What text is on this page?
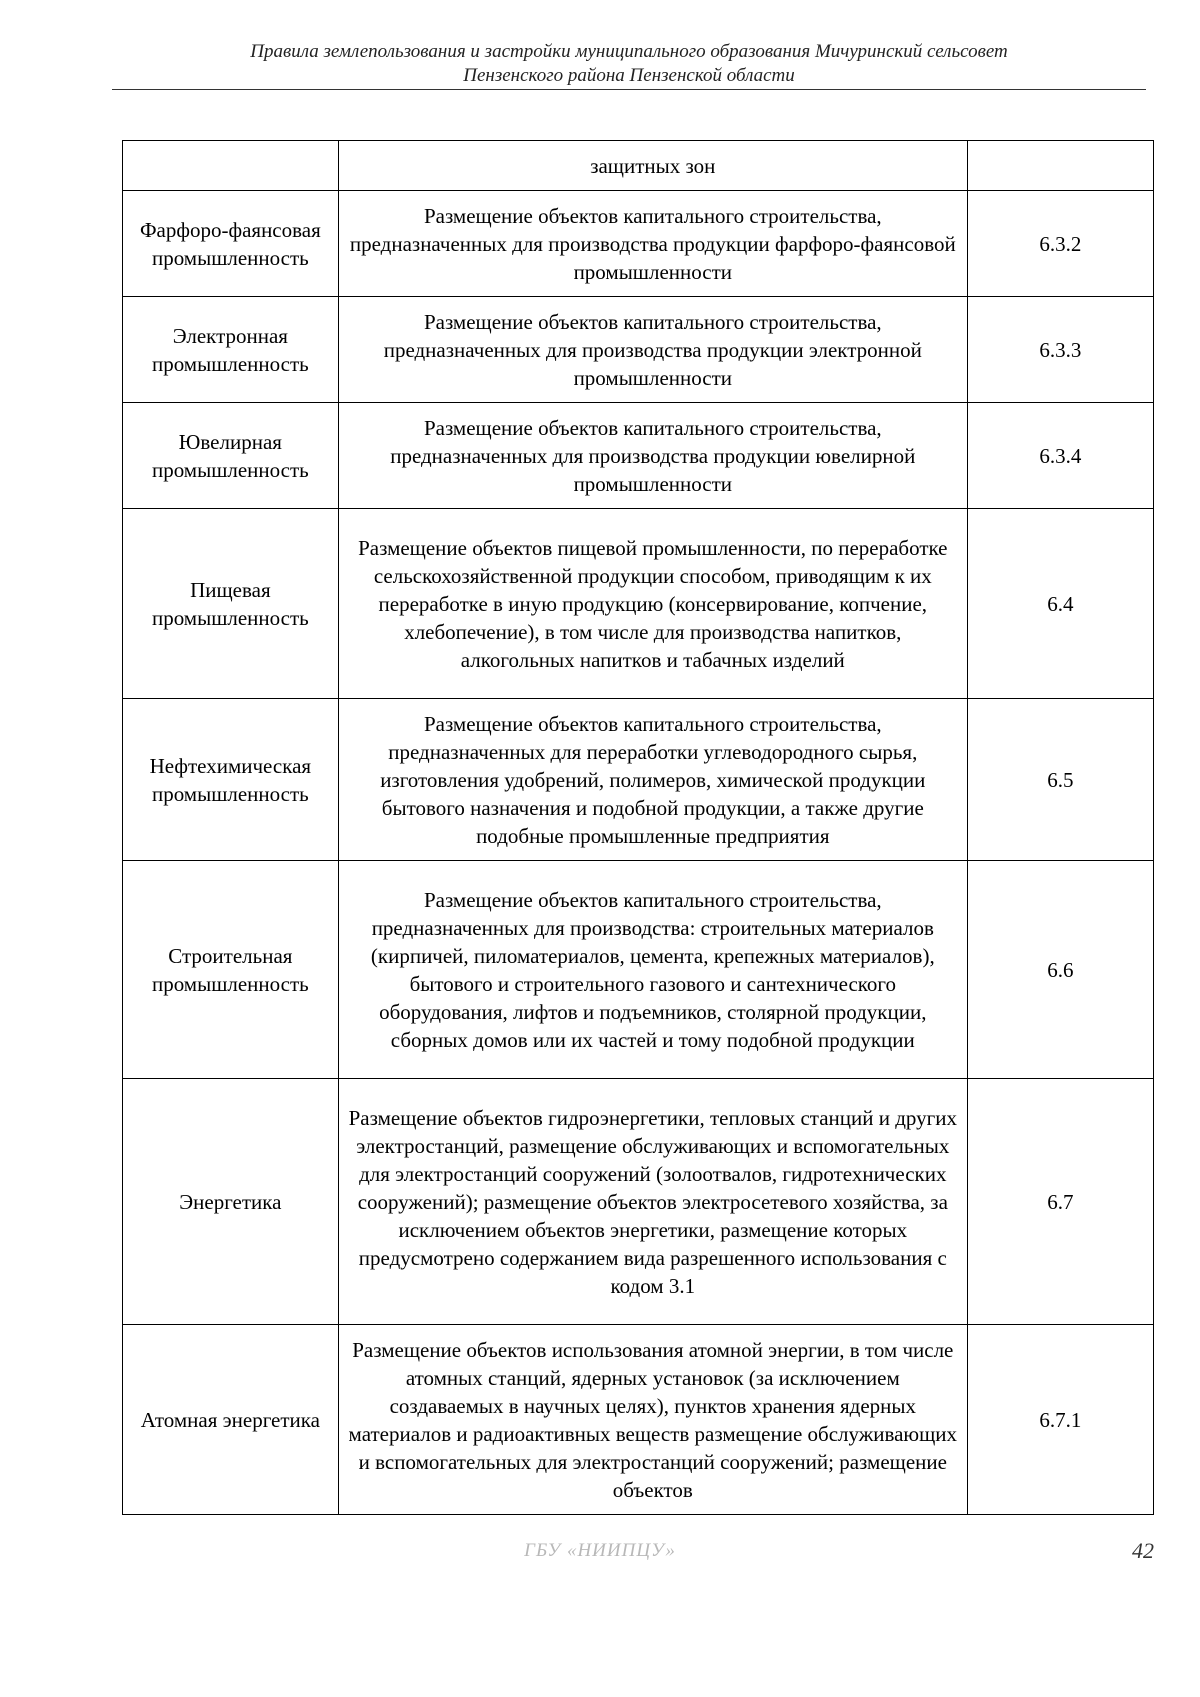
Правила землепользования и застройки муниципального образования Мичуринский сельсовет
Пензенского района Пензенской области
	защитных зон	
Фарфоро-фаянсовая промышленность	Размещение объектов капитального строительства, предназначенных для производства продукции фарфоро-фаянсовой промышленности	6.3.2
Электронная промышленность	Размещение объектов капитального строительства, предназначенных для производства продукции электронной промышленности	6.3.3
Ювелирная промышленность	Размещение объектов капитального строительства, предназначенных для производства продукции ювелирной промышленности	6.3.4
Пищевая промышленность	Размещение объектов пищевой промышленности, по переработке сельскохозяйственной продукции способом, приводящим к их переработке в иную продукцию (консервирование, копчение, хлебопечение), в том числе для производства напитков, алкогольных напитков и табачных изделий	6.4
Нефтехимическая промышленность	Размещение объектов капитального строительства, предназначенных для переработки углеводородного сырья, изготовления удобрений, полимеров, химической продукции бытового назначения и подобной продукции, а также другие подобные промышленные предприятия	6.5
Строительная промышленность	Размещение объектов капитального строительства, предназначенных для производства: строительных материалов (кирпичей, пиломатериалов, цемента, крепежных материалов), бытового и строительного газового и сантехнического оборудования, лифтов и подъемников, столярной продукции, сборных домов или их частей и тому подобной продукции	6.6
Энергетика	Размещение объектов гидроэнергетики, тепловых станций и других электростанций, размещение обслуживающих и вспомогательных для электростанций сооружений (золоотвалов, гидротехнических сооружений); размещение объектов электросетевого хозяйства, за исключением объектов энергетики, размещение которых предусмотрено содержанием вида разрешенного использования с кодом 3.1	6.7
Атомная энергетика	Размещение объектов использования атомной энергии, в том числе атомных станций, ядерных установок (за исключением создаваемых в научных целях), пунктов хранения ядерных материалов и радиоактивных веществ размещение обслуживающих и вспомогательных для электростанций сооружений; размещение объектов	6.7.1
ГБУ «НИИПЦУ»	42
